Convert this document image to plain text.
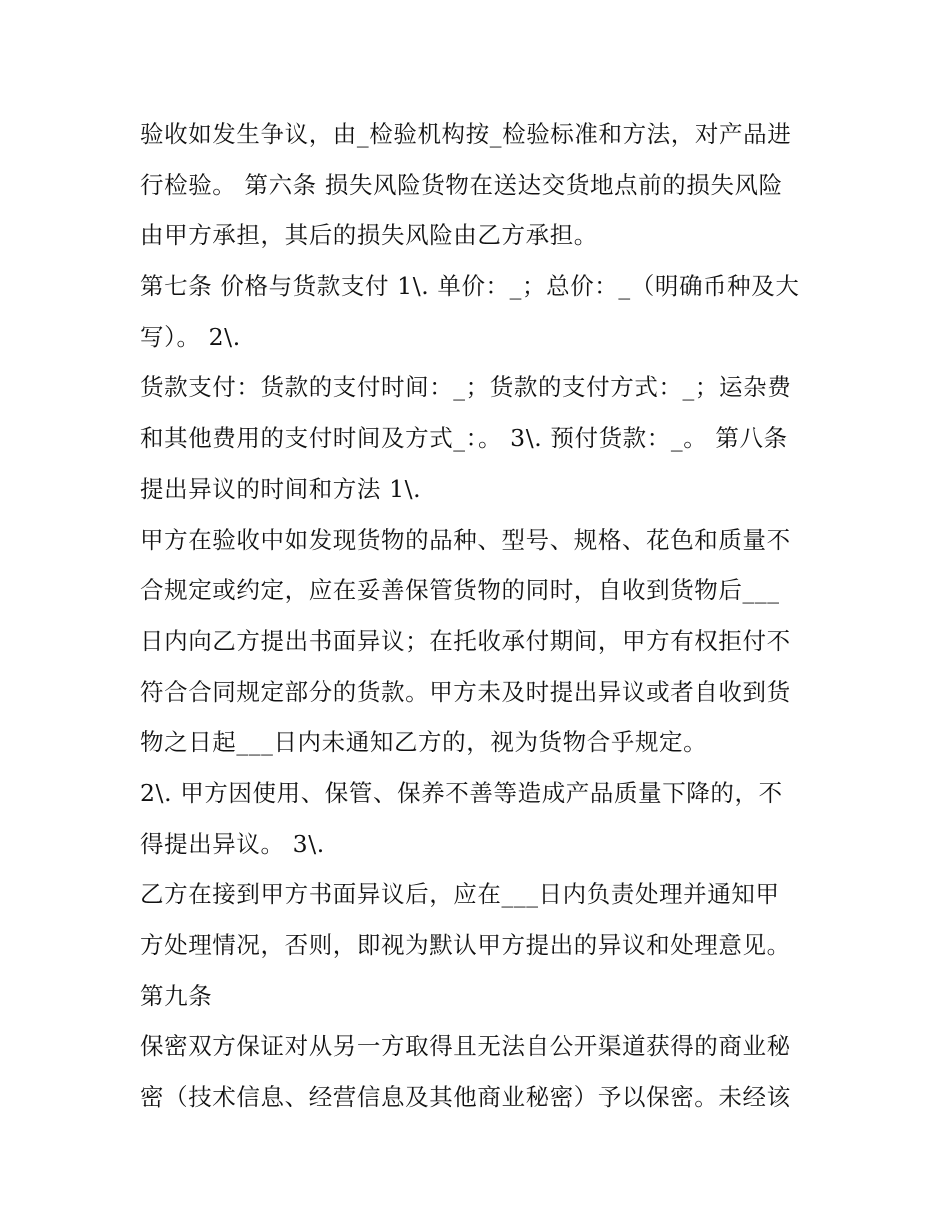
验收如发生争议，由_检验机构按_检验标准和方法，对产品进
行检验。 第六条 损失风险货物在送达交货地点前的损失风险
由甲方承担，其后的损失风险由乙方承担。
第七条 价格与货款支付 1\. 单价：_；总价：_（明确币种及大
写）。 2\.
货款支付：货款的支付时间：_；货款的支付方式：_；运杂费
和其他费用的支付时间及方式_：。 3\. 预付货款：_。 第八条
提出异议的时间和方法 1\.
甲方在验收中如发现货物的品种、型号、规格、花色和质量不
合规定或约定，应在妥善保管货物的同时，自收到货物后___
日内向乙方提出书面异议；在托收承付期间，甲方有权拒付不
符合合同规定部分的货款。甲方未及时提出异议或者自收到货
物之日起___日内未通知乙方的，视为货物合乎规定。
2\. 甲方因使用、保管、保养不善等造成产品质量下降的，不
得提出异议。 3\.
乙方在接到甲方书面异议后，应在___日内负责处理并通知甲
方处理情况，否则，即视为默认甲方提出的异议和处理意见。
第九条
保密双方保证对从另一方取得且无法自公开渠道获得的商业秘
密（技术信息、经营信息及其他商业秘密）予以保密。未经该
